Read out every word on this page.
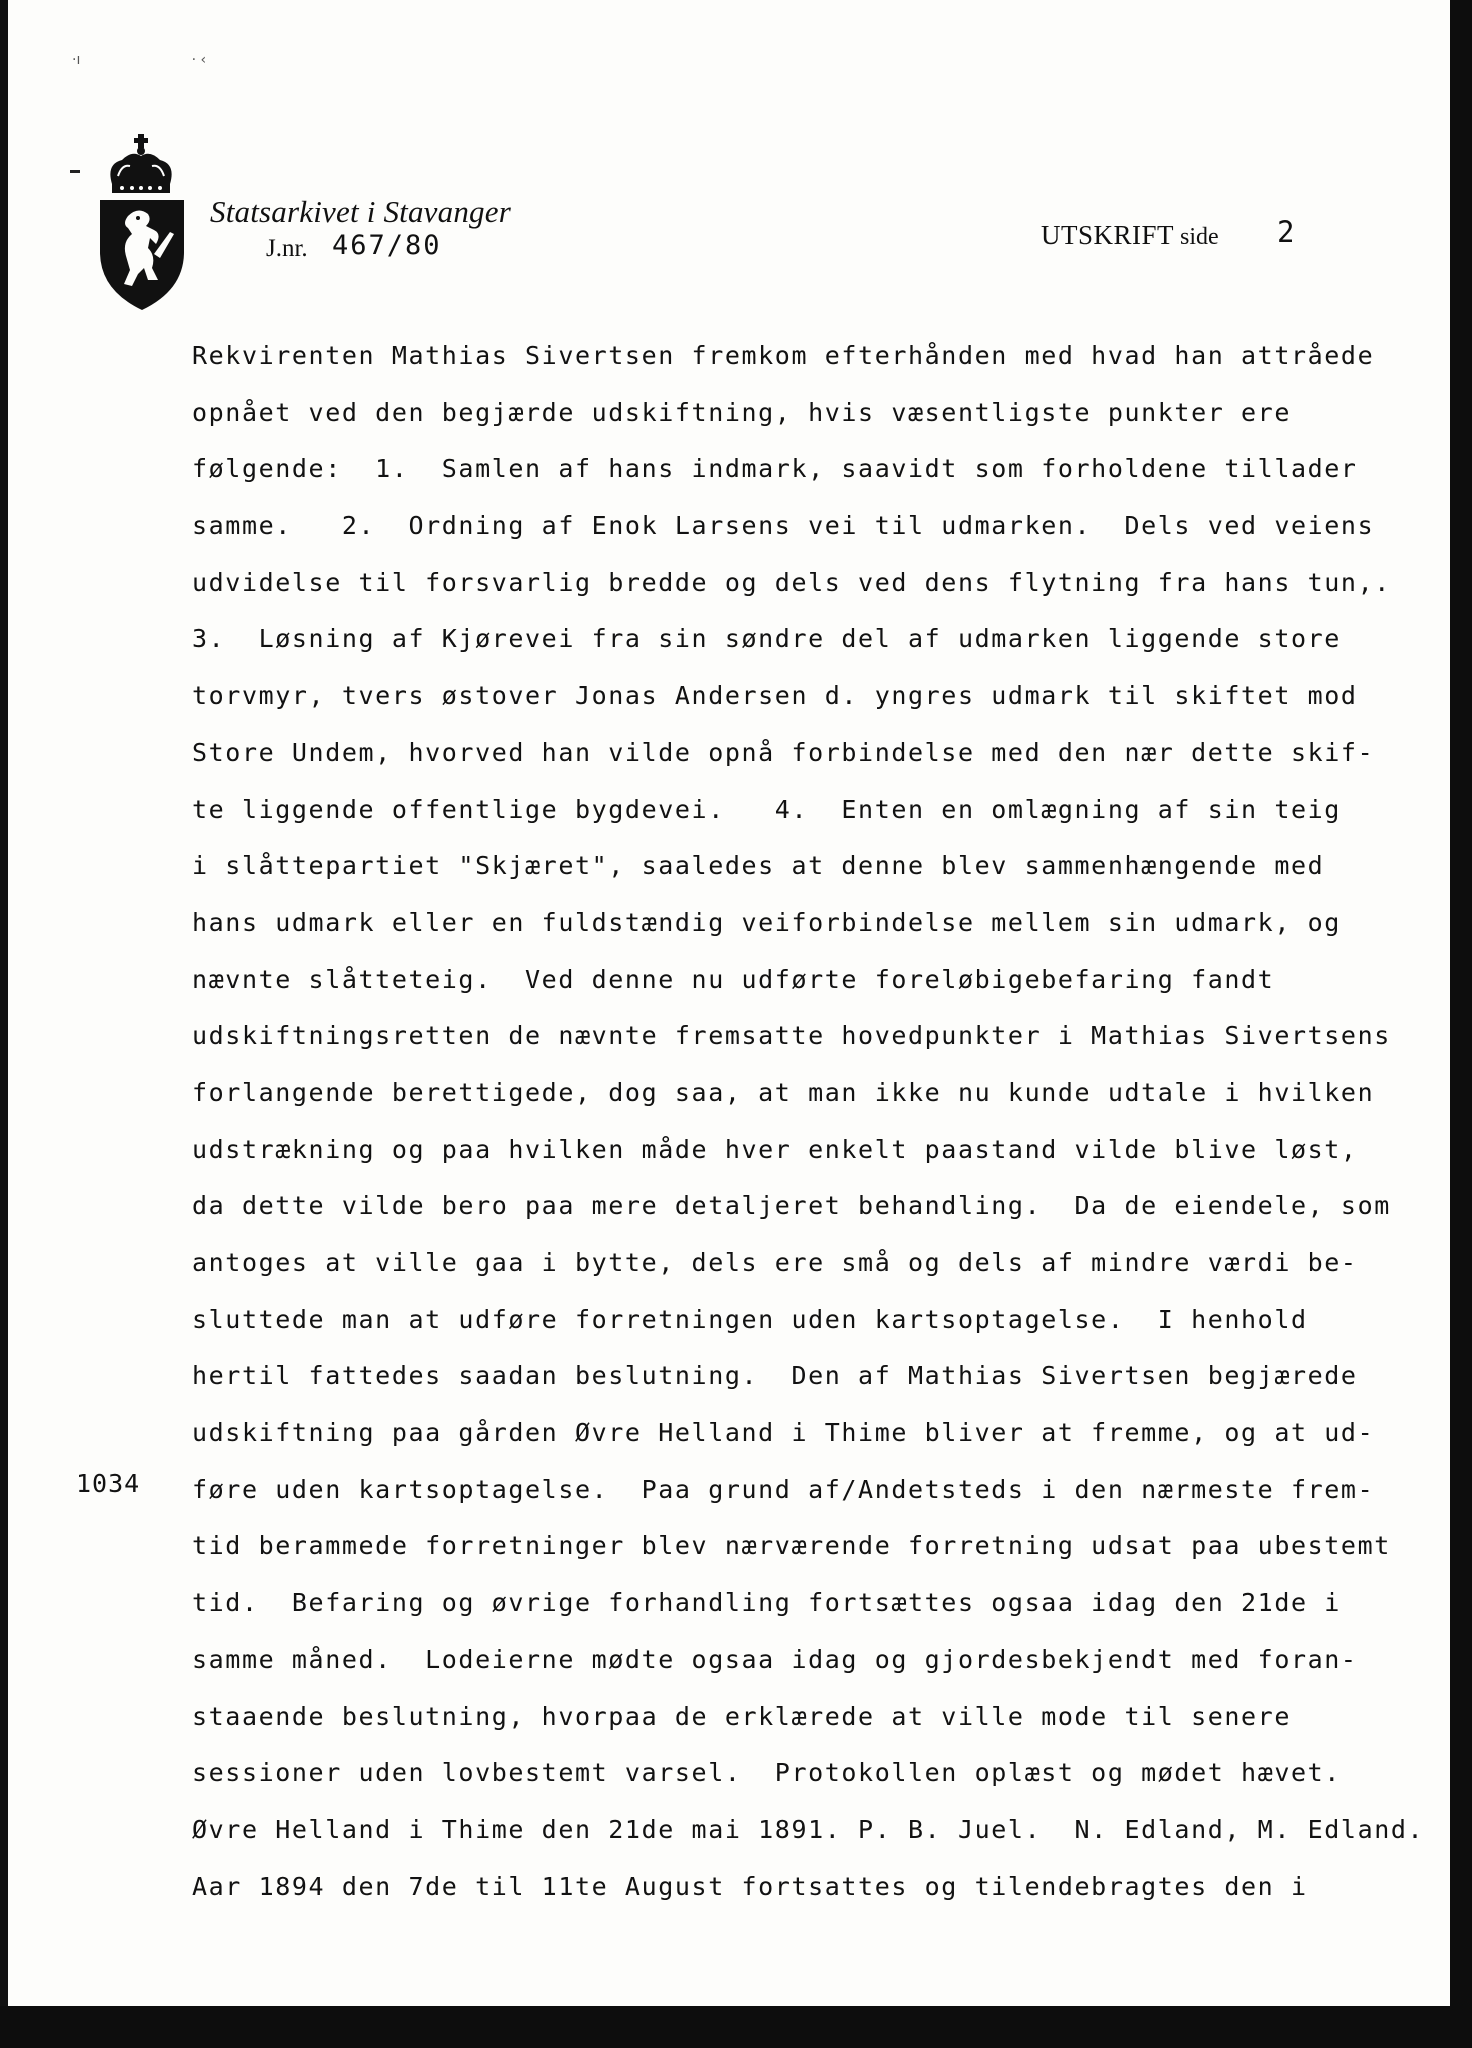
·ı                         · ‹
Statsarkivet i Stavanger
J.nr. 467/80	UTSKRIFT side 2
Rekvirenten Mathias Sivertsen fremkom efterhånden med hvad han attråede
opnået ved den begjærde udskiftning, hvis væsentligste punkter ere
følgende:  1.  Samlen af hans indmark, saavidt som forholdene tillader
samme.   2.  Ordning af Enok Larsens vei til udmarken.  Dels ved veiens
udvidelse til forsvarlig bredde og dels ved dens flytning fra hans tun,.
3.  Løsning af Kjørevei fra sin søndre del af udmarken liggende store
torvmyr, tvers østover Jonas Andersen d. yngres udmark til skiftet mod
Store Undem, hvorved han vilde opnå forbindelse med den nær dette skif-
te liggende offentlige bygdevei.   4.  Enten en omlægning af sin teig
i slåttepartiet "Skjæret", saaledes at denne blev sammenhængende med
hans udmark eller en fuldstændig veiforbindelse mellem sin udmark, og
nævnte slåtteteig.  Ved denne nu udførte foreløbigebefaring fandt
udskiftningsretten de nævnte fremsatte hovedpunkter i Mathias Sivertsens
forlangende berettigede, dog saa, at man ikke nu kunde udtale i hvilken
udstrækning og paa hvilken måde hver enkelt paastand vilde blive løst,
da dette vilde bero paa mere detaljeret behandling.  Da de eiendele, som
antoges at ville gaa i bytte, dels ere små og dels af mindre værdi be-
sluttede man at udføre forretningen uden kartsoptagelse.  I henhold
hertil fattedes saadan beslutning.  Den af Mathias Sivertsen begjærede
udskiftning paa gården Øvre Helland i Thime bliver at fremme, og at ud-
føre uden kartsoptagelse.  Paa grund af/Andetsteds i den nærmeste frem-
tid berammede forretninger blev nærværende forretning udsat paa ubestemt
tid.  Befaring og øvrige forhandling fortsættes ogsaa idag den 21de i
samme måned.  Lodeierne mødte ogsaa idag og gjordesbekjendt med foran-
staaende beslutning, hvorpaa de erklærede at ville mode til senere
sessioner uden lovbestemt varsel.  Protokollen oplæst og mødet hævet.
Øvre Helland i Thime den 21de mai 1891. P. B. Juel.  N. Edland, M. Edland.
Aar 1894 den 7de til 11te August fortsattes og tilendebragtes den i
1034
